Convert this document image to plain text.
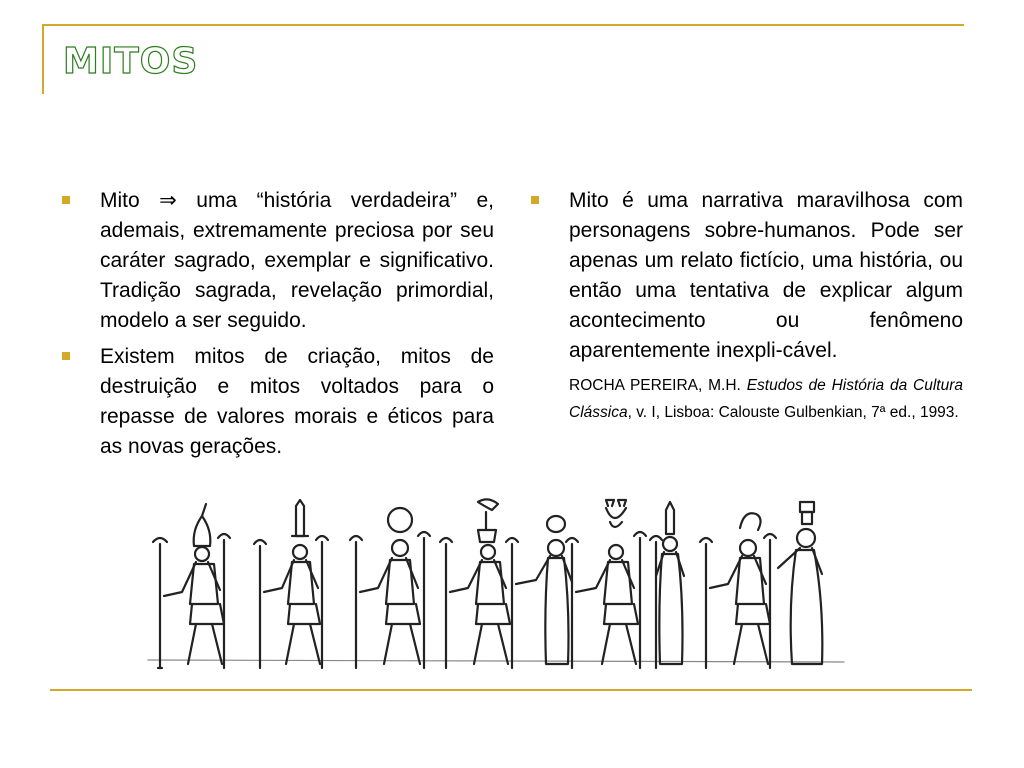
MITOS
Mito ⇒ uma “história verdadeira” e, ademais, extremamente preciosa por seu caráter sagrado, exemplar e significativo. Tradição sagrada, revelação primordial, modelo a ser seguido.
Existem mitos de criação, mitos de destruição e mitos voltados para o repasse de valores morais e éticos para as novas gerações.
Mito é uma narrativa maravilhosa com personagens sobre-humanos. Pode ser apenas um relato fictício, uma história, ou então uma tentativa de explicar algum acontecimento ou fenômeno aparentemente inexpli-cável.

ROCHA PEREIRA, M.H. Estudos de História da Cultura Clássica, v. I, Lisboa: Calouste Gulbenkian, 7ª ed., 1993.
